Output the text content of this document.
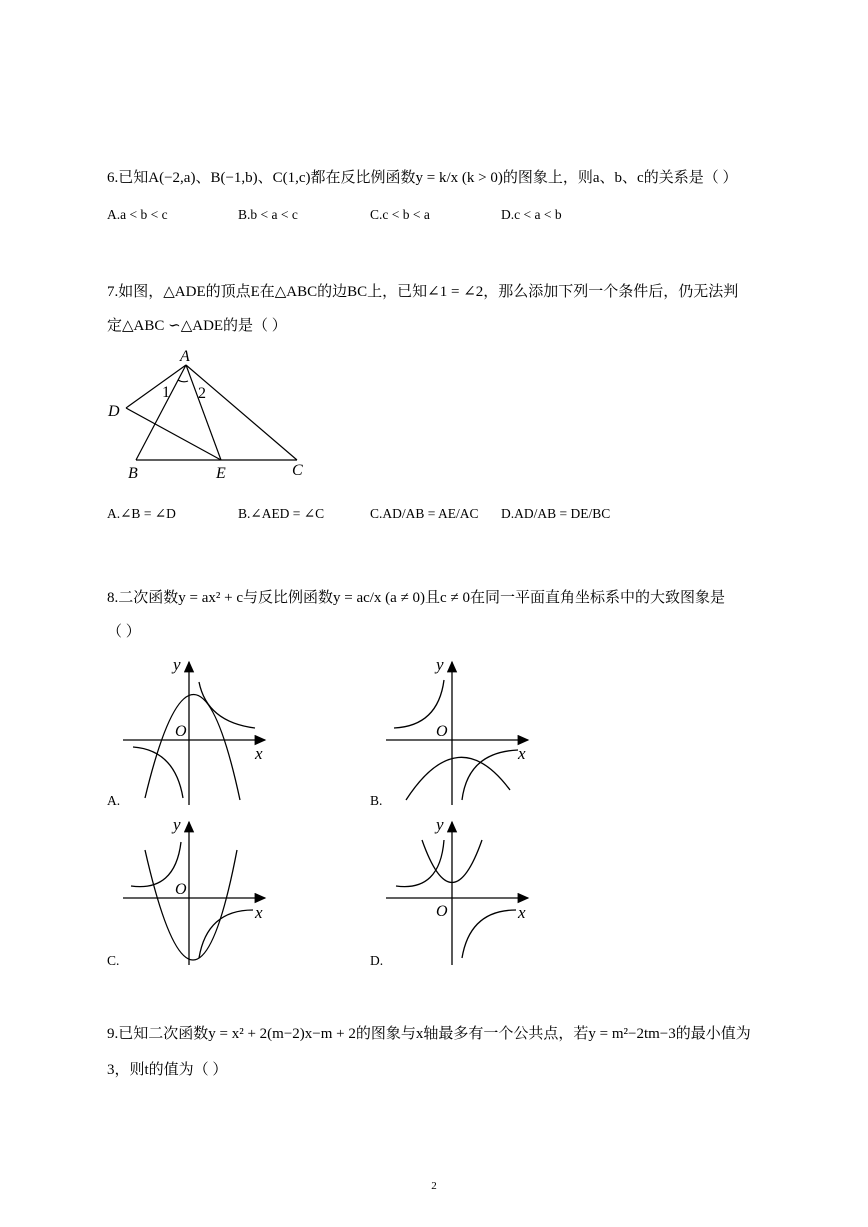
6.已知A(−2,a)、B(−1,b)、C(1,c)都在反比例函数y = k/x (k > 0)的图象上，则a、b、c的关系是（ ）
A.a < b < c	B.b < a < c	C.c < b < a	D.c < a < b
7.如图，△ADE的顶点E在△ABC的边BC上，已知∠1 = ∠2，那么添加下列一个条件后，仍无法判
定△ABC ∽△ADE的是（ ）
A
D
1 2
B	E	C
A.∠B = ∠D	B.∠AED = ∠C	C.AD/AB = AE/AC D.AD/AB = DE/BC
8.二次函数y = ax² + c与反比例函数y = ac/x (a ≠ 0)且c ≠ 0在同一平面直角坐标系中的大致图象是
（ ）
y
O
x
A.
y
O
x
B.
y
O
x
C.
y
O	x
D.
9.已知二次函数y = x² + 2(m−2)x−m + 2的图象与x轴最多有一个公共点，若y = m²−2tm−3的最小值为
3，则t的值为（ ）
2
